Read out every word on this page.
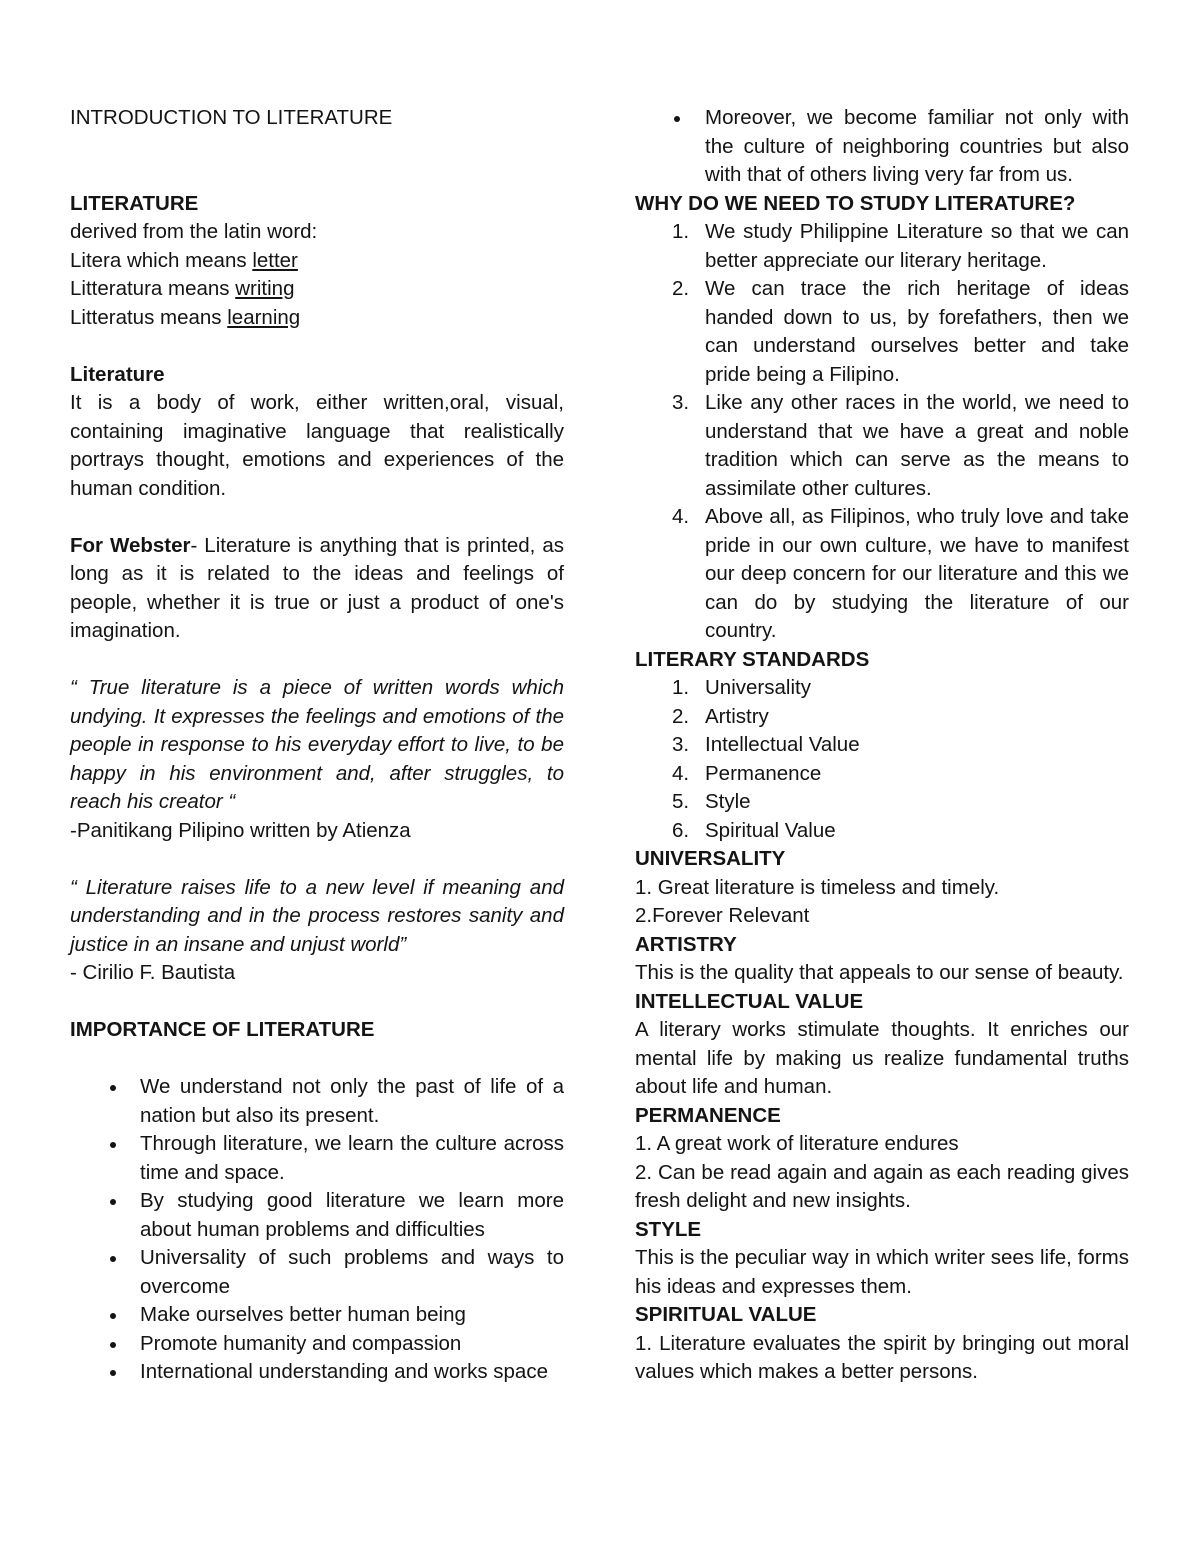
INTRODUCTION TO LITERATURE

LITERATURE

derived from the latin word:

Litera which means letter

Litteratura means writing

Litteratus means learning

Literature

It is a body of work, either written,oral, visual, containing imaginative language that realistically portrays thought, emotions and experiences of the human condition.

For Webster- Literature is anything that is printed, as long as it is related to the ideas and feelings of people, whether it is true or just a product of one's imagination.

“ True literature is a piece of written words which undying. It expresses the feelings and emotions of the people in response to his everyday effort to live, to be happy in his environment and, after struggles, to reach his creator “

-Panitikang Pilipino written by Atienza

“ Literature raises life to a new level if meaning and understanding and in the process restores sanity and justice in an insane and unjust world”

- Cirilio F. Bautista

IMPORTANCE OF LITERATURE

We understand not only the past of life of a nation but also its present.
Through literature, we learn the culture across time and space.
By studying good literature we learn more about human problems and difficulties
Universality of such problems and ways to overcome
Make ourselves better human being
Promote humanity and compassion
International understanding and works space
Moreover, we become familiar not only with the culture of neighboring countries but also with that of others living very far from us.

WHY DO WE NEED TO STUDY LITERATURE?

1. We study Philippine Literature so that we can better appreciate our literary heritage.
2. We can trace the rich heritage of ideas handed down to us, by forefathers, then we can understand ourselves better and take pride being a Filipino.
3. Like any other races in the world, we need to understand that we have a great and noble tradition which can serve as the means to assimilate other cultures.
4. Above all, as Filipinos, who truly love and take pride in our own culture, we have to manifest our deep concern for our literature and this we can do by studying the literature of our country.

LITERARY STANDARDS

1. Universality
2. Artistry
3. Intellectual Value
4. Permanence
5. Style
6. Spiritual Value

UNIVERSALITY

1. Great literature is timeless and timely.

2.Forever Relevant

ARTISTRY

This is the quality that appeals to our sense of beauty.

INTELLECTUAL VALUE

A literary works stimulate thoughts. It enriches our mental life by making us realize fundamental truths about life and human.

PERMANENCE

1. A great work of literature endures

2. Can be read again and again as each reading gives fresh delight and new insights.

STYLE

This is the peculiar way in which writer sees life, forms his ideas and expresses them.

SPIRITUAL VALUE

1. Literature evaluates the spirit by bringing out moral values which makes a better persons.
